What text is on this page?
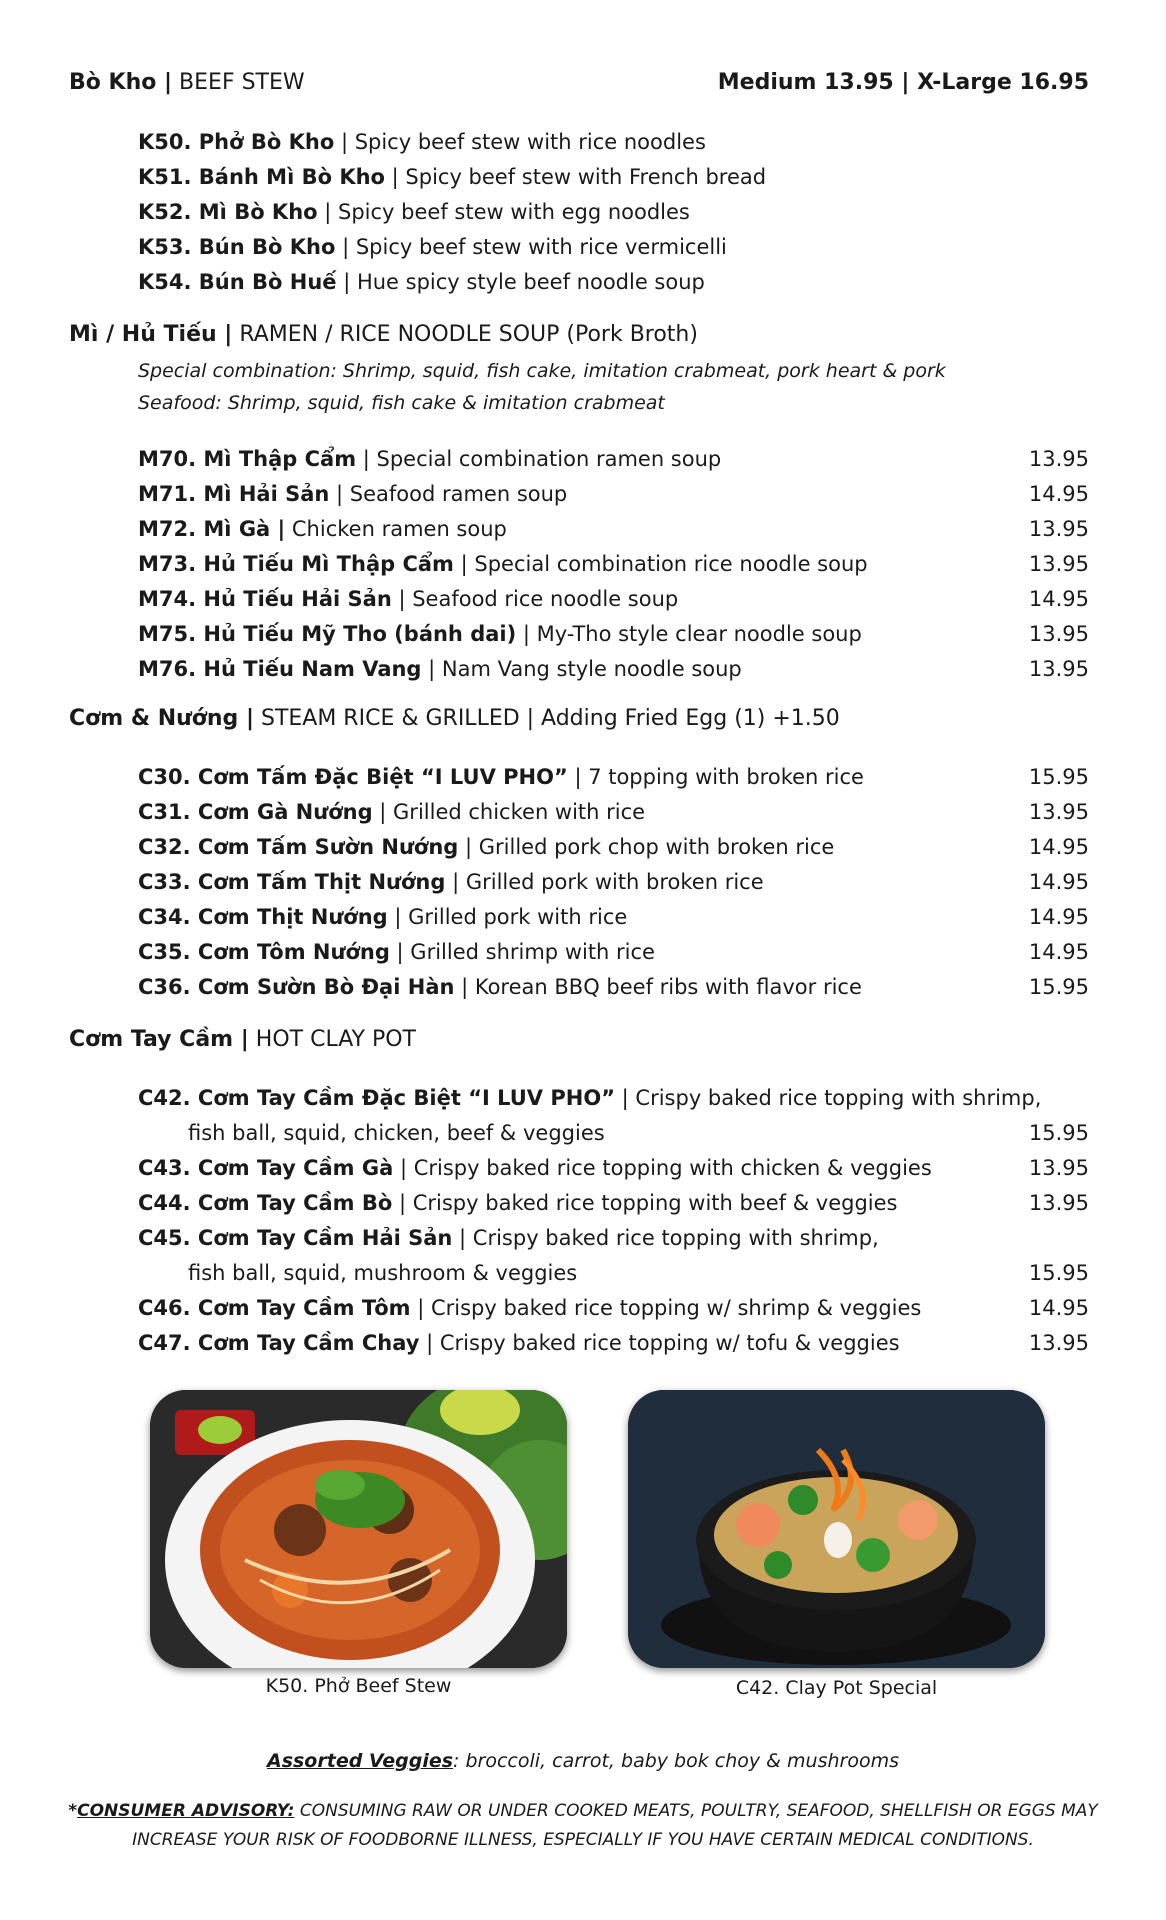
Bò Kho | BEEF STEW	Medium 13.95 | X-Large 16.95
K50. Phở Bò Kho | Spicy beef stew with rice noodles
K51. Bánh Mì Bò Kho | Spicy beef stew with French bread
K52. Mì Bò Kho | Spicy beef stew with egg noodles
K53. Bún Bò Kho | Spicy beef stew with rice vermicelli
K54. Bún Bò Huế | Hue spicy style beef noodle soup
Mì / Hủ Tiếu | RAMEN / RICE NOODLE SOUP (Pork Broth)
Special combination: Shrimp, squid, fish cake, imitation crabmeat, pork heart & pork
Seafood: Shrimp, squid, fish cake & imitation crabmeat
M70. Mì Thập Cẩm | Special combination ramen soup	13.95
M71. Mì Hải Sản | Seafood ramen soup	14.95
M72. Mì Gà | Chicken ramen soup	13.95
M73. Hủ Tiếu Mì Thập Cẩm | Special combination rice noodle soup	13.95
M74. Hủ Tiếu Hải Sản | Seafood rice noodle soup	14.95
M75. Hủ Tiếu Mỹ Tho (bánh dai) | My-Tho style clear noodle soup	13.95
M76. Hủ Tiếu Nam Vang | Nam Vang style noodle soup	13.95
Cơm & Nướng | STEAM RICE & GRILLED | Adding Fried Egg (1) +1.50
C30. Cơm Tấm Đặc Biệt “I LUV PHO” | 7 topping with broken rice	15.95
C31. Cơm Gà Nướng | Grilled chicken with rice	13.95
C32. Cơm Tấm Sườn Nướng | Grilled pork chop with broken rice	14.95
C33. Cơm Tấm Thịt Nướng | Grilled pork with broken rice	14.95
C34. Cơm Thịt Nướng | Grilled pork with rice	14.95
C35. Cơm Tôm Nướng | Grilled shrimp with rice	14.95
C36. Cơm Sườn Bò Đại Hàn | Korean BBQ beef ribs with flavor rice	15.95
Cơm Tay Cầm | HOT CLAY POT
C42. Cơm Tay Cầm Đặc Biệt “I LUV PHO” | Crispy baked rice topping with shrimp,
fish ball, squid, chicken, beef & veggies	15.95
C43. Cơm Tay Cầm Gà | Crispy baked rice topping with chicken & veggies	13.95
C44. Cơm Tay Cầm Bò | Crispy baked rice topping with beef & veggies	13.95
C45. Cơm Tay Cầm Hải Sản | Crispy baked rice topping with shrimp,
fish ball, squid, mushroom & veggies	15.95
C46. Cơm Tay Cầm Tôm | Crispy baked rice topping w/ shrimp & veggies	14.95
C47. Cơm Tay Cầm Chay | Crispy baked rice topping w/ tofu & veggies	13.95
K50. Phở Beef Stew	C42. Clay Pot Special
Assorted Veggies: broccoli, carrot, baby bok choy & mushrooms
*CONSUMER ADVISORY: CONSUMING RAW OR UNDER COOKED MEATS, POULTRY, SEAFOOD, SHELLFISH OR EGGS MAY
INCREASE YOUR RISK OF FOODBORNE ILLNESS, ESPECIALLY IF YOU HAVE CERTAIN MEDICAL CONDITIONS.
